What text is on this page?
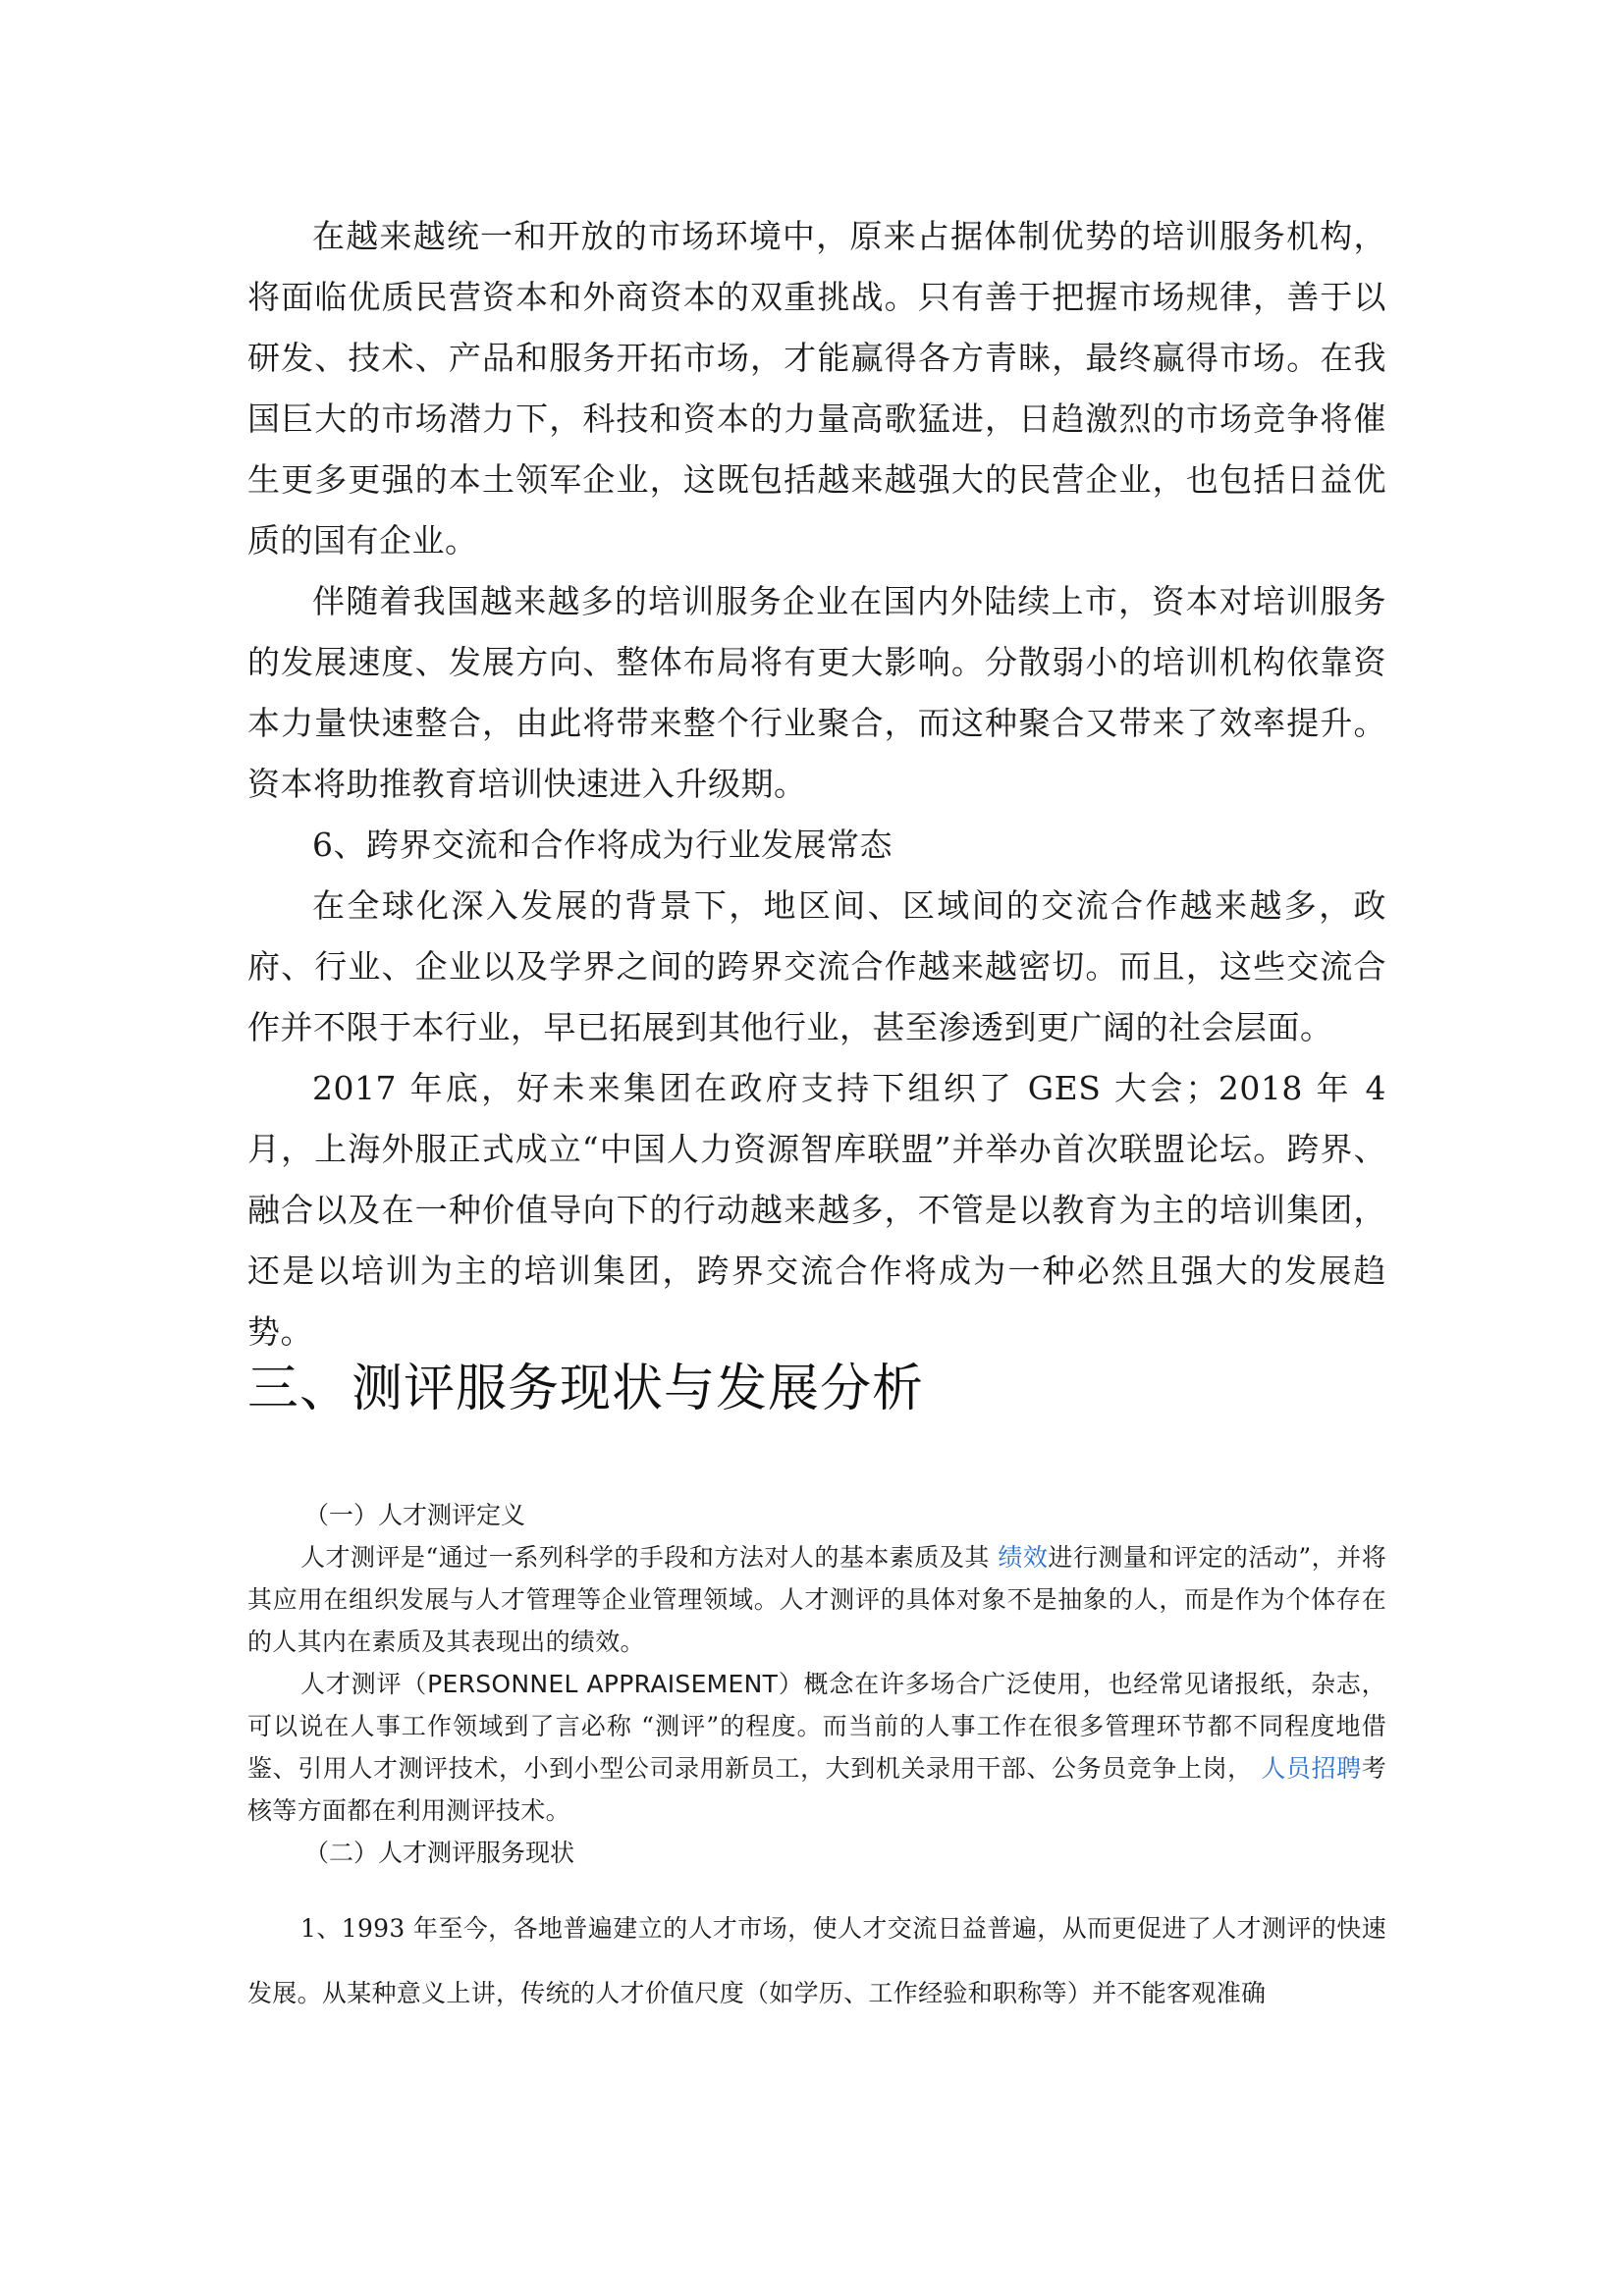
在越来越统一和开放的市场环境中，原来占据体制优势的培训服务机构，将面临优质民营资本和外商资本的双重挑战。只有善于把握市场规律，善于以研发、技术、产品和服务开拓市场，才能赢得各方青睐，最终赢得市场。在我国巨大的市场潜力下，科技和资本的力量高歌猛进，日趋激烈的市场竞争将催生更多更强的本土领军企业，这既包括越来越强大的民营企业，也包括日益优质的国有企业。

伴随着我国越来越多的培训服务企业在国内外陆续上市，资本对培训服务的发展速度、发展方向、整体布局将有更大影响。分散弱小的培训机构依靠资本力量快速整合，由此将带来整个行业聚合，而这种聚合又带来了效率提升。资本将助推教育培训快速进入升级期。

6、跨界交流和合作将成为行业发展常态

在全球化深入发展的背景下，地区间、区域间的交流合作越来越多，政府、行业、企业以及学界之间的跨界交流合作越来越密切。而且，这些交流合作并不限于本行业，早已拓展到其他行业，甚至渗透到更广阔的社会层面。

2017 年底，好未来集团在政府支持下组织了 GES 大会；2018 年 4 月，上海外服正式成立“中国人力资源智库联盟”并举办首次联盟论坛。跨界、融合以及在一种价值导向下的行动越来越多，不管是以教育为主的培训集团，还是以培训为主的培训集团，跨界交流合作将成为一种必然且强大的发展趋势。

三、测评服务现状与发展分析

（一）人才测评定义

人才测评是“通过一系列科学的手段和方法对人的基本素质及其 绩效进行测量和评定的活动”，并将其应用在组织发展与人才管理等企业管理领域。人才测评的具体对象不是抽象的人，而是作为个体存在的人其内在素质及其表现出的绩效。

人才测评（PERSONNEL APPRAISEMENT）概念在许多场合广泛使用，也经常见诸报纸，杂志，可以说在人事工作领域到了言必称 “测评”的程度。而当前的人事工作在很多管理环节都不同程度地借鉴、引用人才测评技术，小到小型公司录用新员工，大到机关录用干部、公务员竞争上岗， 人员招聘考核等方面都在利用测评技术。

（二）人才测评服务现状

1、1993 年至今，各地普遍建立的人才市场，使人才交流日益普遍，从而更促进了人才测评的快速发展。从某种意义上讲，传统的人才价值尺度（如学历、工作经验和职称等）并不能客观准确
